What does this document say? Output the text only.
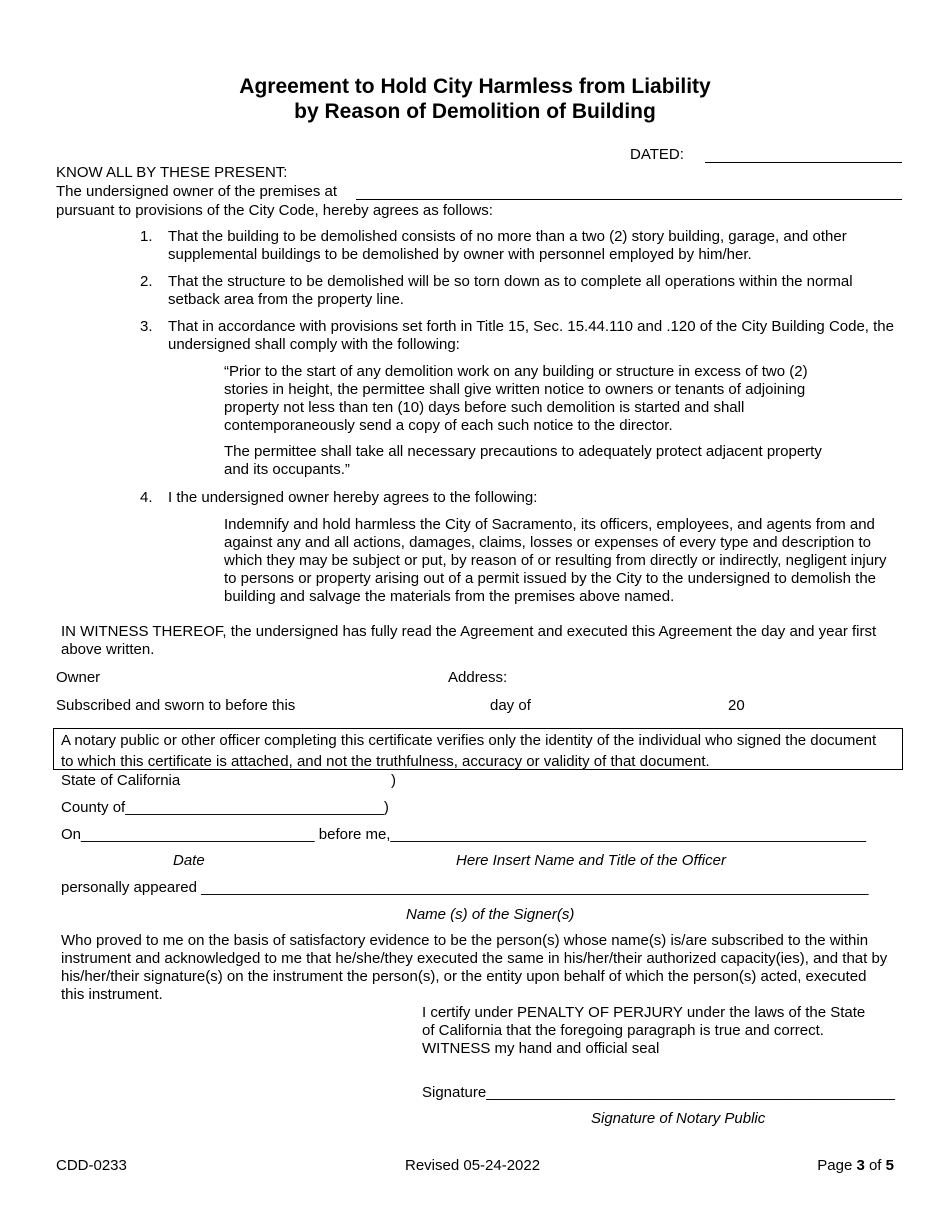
Agreement to Hold City Harmless from Liability
by Reason of Demolition of Building
DATED:
KNOW ALL BY THESE PRESENT:
The undersigned owner of the premises at
pursuant to provisions of the City Code, hereby agrees as follows:
1. That the building to be demolished consists of no more than a two (2) story building, garage, and other supplemental buildings to be demolished by owner with personnel employed by him/her.
2. That the structure to be demolished will be so torn down as to complete all operations within the normal setback area from the property line.
3. That in accordance with provisions set forth in Title 15, Sec. 15.44.110 and .120 of the City Building Code, the undersigned shall comply with the following:
“Prior to the start of any demolition work on any building or structure in excess of two (2) stories in height, the permittee shall give written notice to owners or tenants of adjoining property not less than ten (10) days before such demolition is started and shall contemporaneously send a copy of each such notice to the director.
The permittee shall take all necessary precautions to adequately protect adjacent property and its occupants.”
4. I the undersigned owner hereby agrees to the following:
Indemnify and hold harmless the City of Sacramento, its officers, employees, and agents from and against any and all actions, damages, claims, losses or expenses of every type and description to which they may be subject or put, by reason of or resulting from directly or indirectly, negligent injury to persons or property arising out of a permit issued by the City to the undersigned to demolish the building and salvage the materials from the premises above named.
IN WITNESS THEREOF, the undersigned has fully read the Agreement and executed this Agreement the day and year first above written.
Owner	Address:
Subscribed and sworn to before this	day of	20
A notary public or other officer completing this certificate verifies only the identity of the individual who signed the document to which this certificate is attached, and not the truthfulness, accuracy or validity of that document.
State of California	)
County of_______________________________)
On____________________________ before me,_________________________________________________________
Date	Here Insert Name and Title of the Officer
personally appeared ________________________________________________________________________________
Name (s) of the Signer(s)
Who proved to me on the basis of satisfactory evidence to be the person(s) whose name(s) is/are subscribed to the within instrument and acknowledged to me that he/she/they executed the same in his/her/their authorized capacity(ies), and that by his/her/their signature(s) on the instrument the person(s), or the entity upon behalf of which the person(s) acted, executed this instrument.
I certify under PENALTY OF PERJURY under the laws of the State
of California that the foregoing paragraph is true and correct.
WITNESS my hand and official seal
Signature_________________________________________________
Signature of Notary Public
CDD-0233	Revised 05-24-2022	Page 3 of 5
